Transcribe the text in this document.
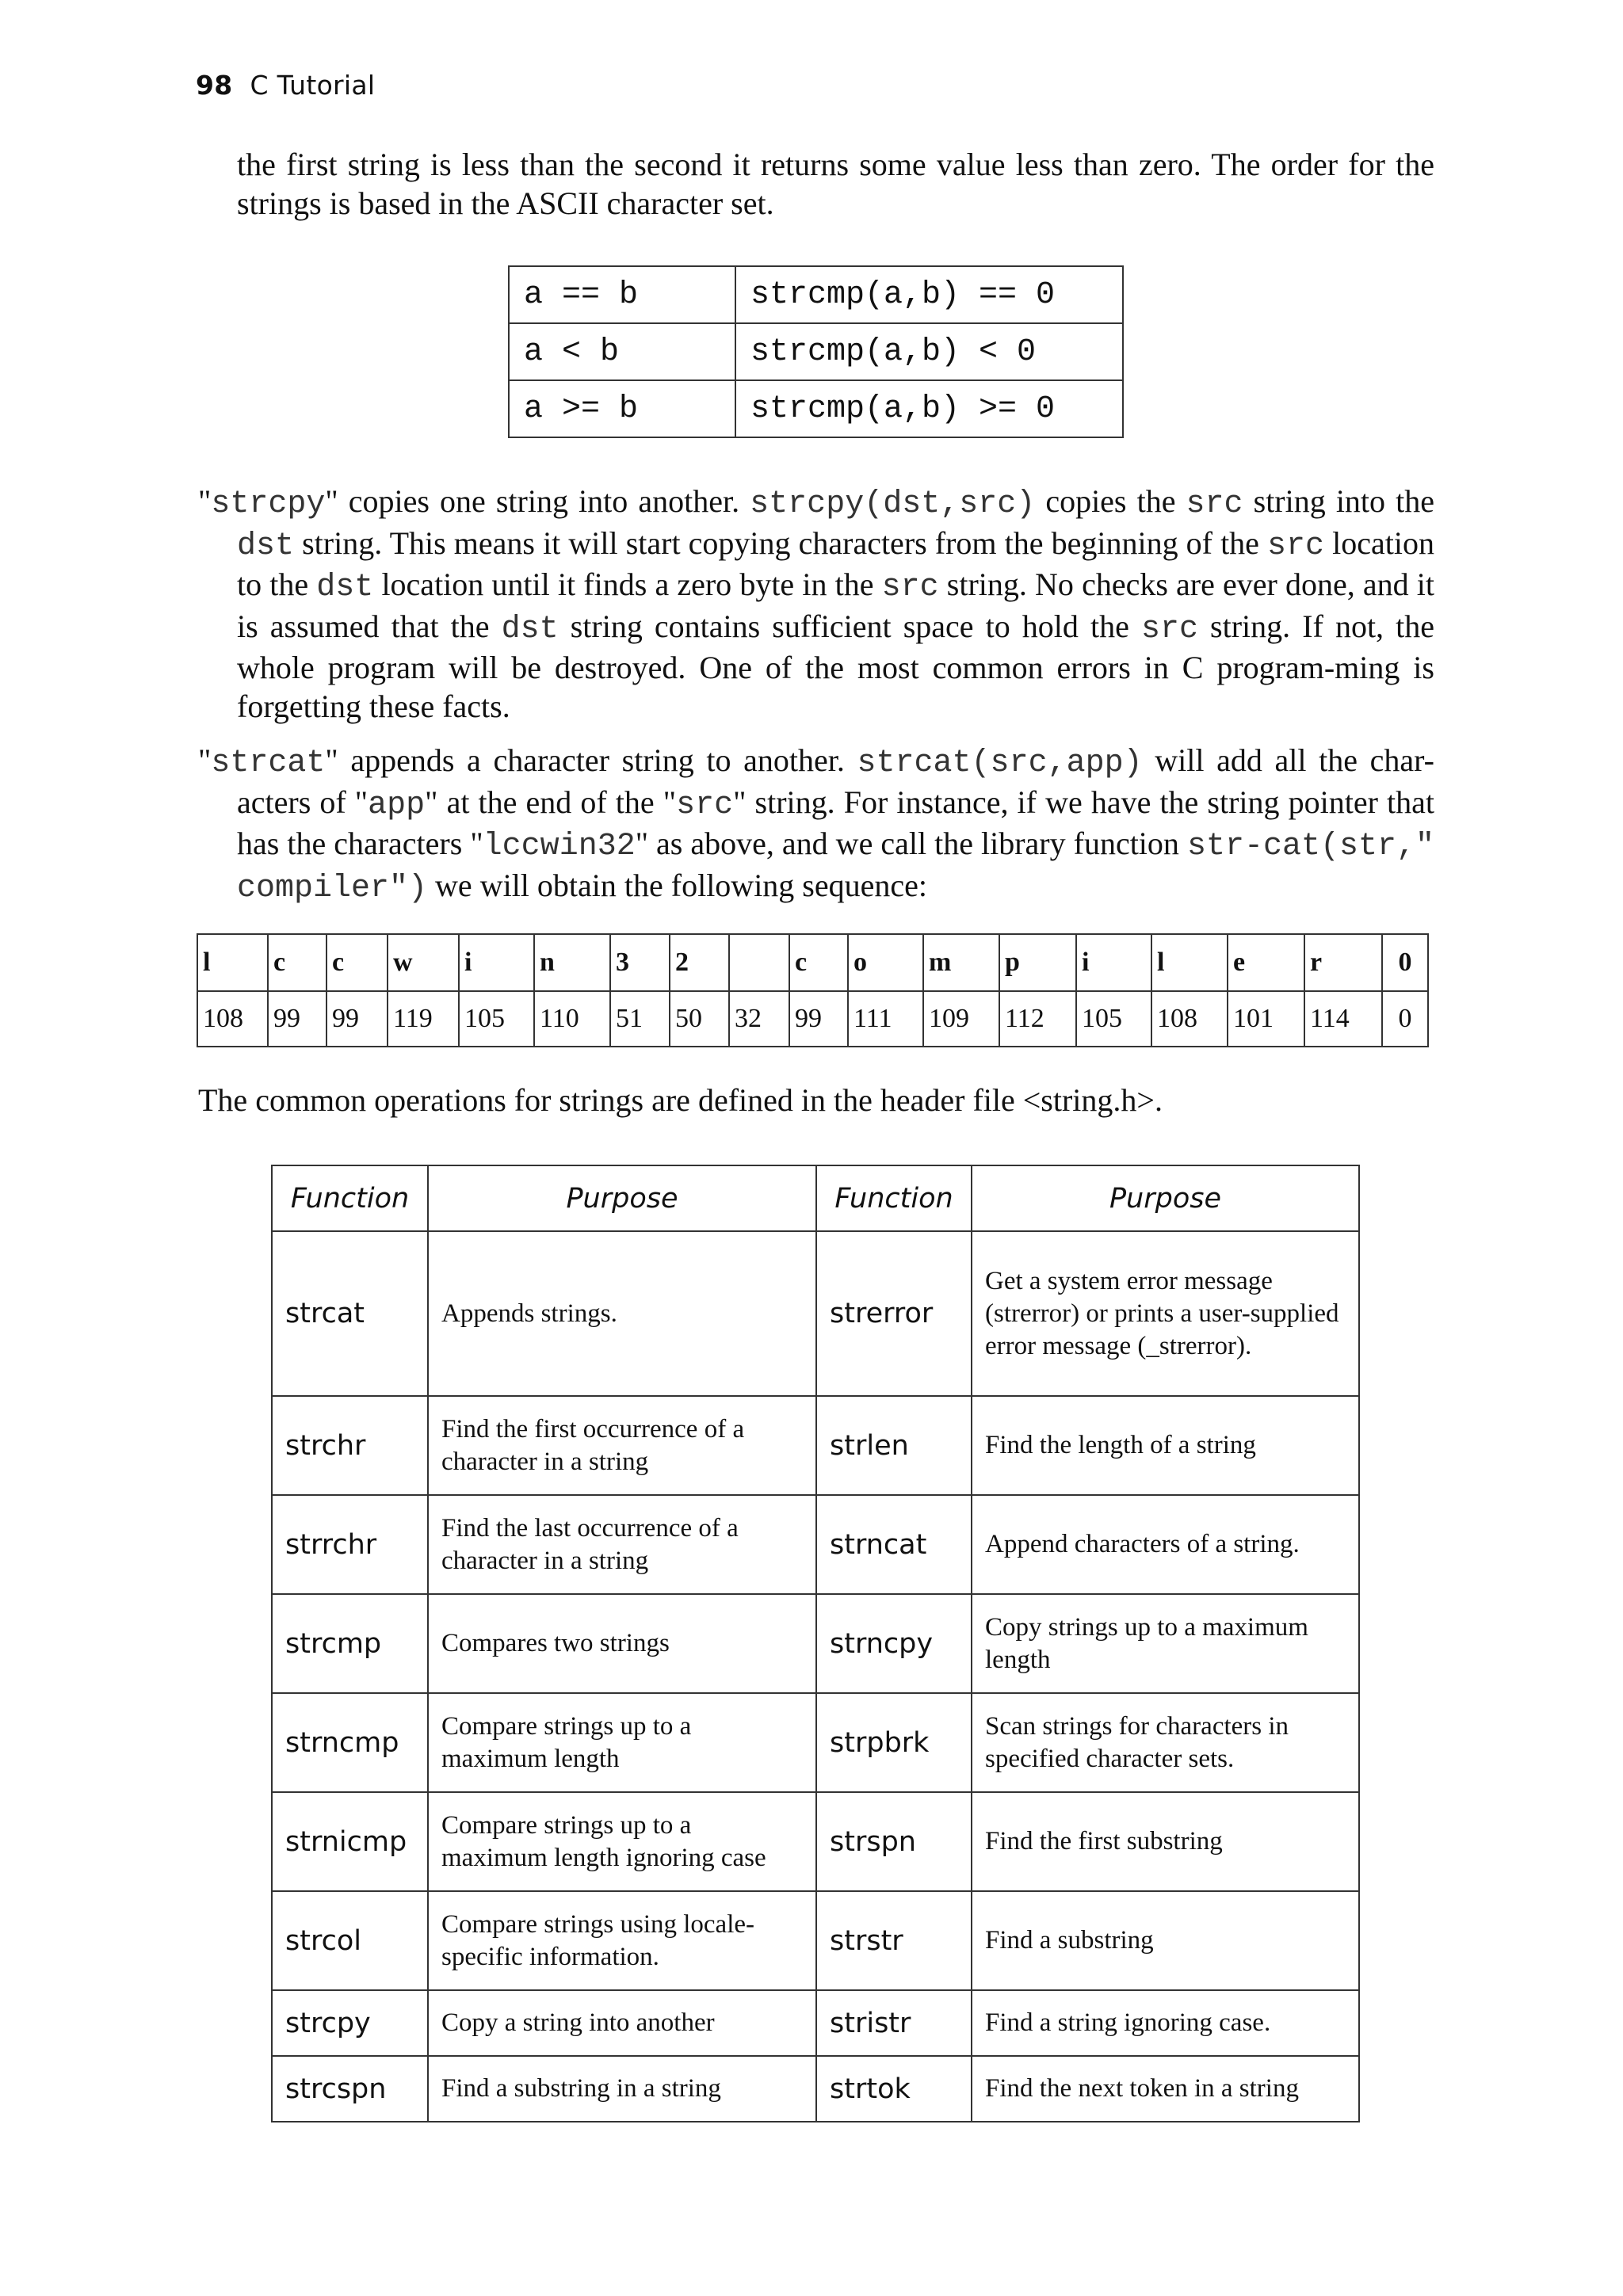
98 C Tutorial

the first string is less than the second it returns some value less than zero. The order for the strings is based in the ASCII character set.

a == b	strcmp(a,b) == 0
a < b	strcmp(a,b) < 0
a >= b	strcmp(a,b) >= 0

"strcpy" copies one string into another. strcpy(dst,src) copies the src string into the dst string. This means it will start copying characters from the beginning of the src location to the dst location until it finds a zero byte in the src string. No checks are ever done, and it is assumed that the dst string contains sufficient space to hold the src string. If not, the whole program will be destroyed. One of the most common errors in C program-ming is forgetting these facts.

"strcat" appends a character string to another. strcat(src,app) will add all the char-acters of "app" at the end of the "src" string. For instance, if we have the string pointer that has the characters "lccwin32" as above, and we call the library function str-cat(str," compiler") we will obtain the following sequence:

l	c	c	w	i	n	3	2		c	o	m	p	i	l	e	r	0
108	99	99	119	105	110	51	50	32	99	111	109	112	105	108	101	114	0

The common operations for strings are defined in the header file <string.h>.

Function	Purpose	Function	Purpose
strcat	Appends strings.	strerror	Get a system error message (strerror) or prints a user-supplied error message (_strerror).
strchr	Find the first occurrence of a character in a string	strlen	Find the length of a string
strrchr	Find the last occurrence of a character in a string	strncat	Append characters of a string.
strcmp	Compares two strings	strncpy	Copy strings up to a maximum length
strncmp	Compare strings up to a maximum length	strpbrk	Scan strings for characters in specified character sets.
strnicmp	Compare strings up to a maximum length ignoring case	strspn	Find the first substring
strcol	Compare strings using locale-specific information.	strstr	Find a substring
strcpy	Copy a string into another	stristr	Find a string ignoring case.
strcspn	Find a substring in a string	strtok	Find the next token in a string
